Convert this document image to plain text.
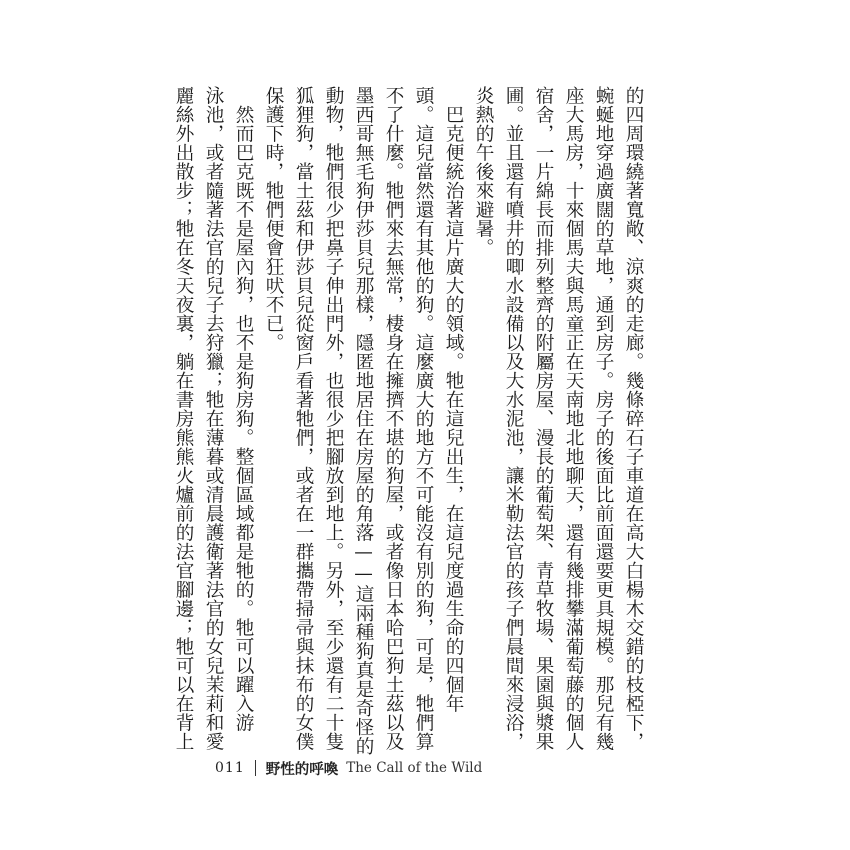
的四周環繞著寬敞、涼爽的走廊。幾條碎石子車道在高大白楊木交錯的枝椏下，
蜿蜒地穿過廣闊的草地，通到房子。房子的後面比前面還要更具規模。那兒有幾
座大馬房，十來個馬夫與馬童正在天南地北地聊天，還有幾排攀滿葡萄藤的個人
宿舍，一片綿長而排列整齊的附屬房屋、漫長的葡萄架、青草牧場、果園與漿果
圃。並且還有噴井的唧水設備以及大水泥池，讓米勒法官的孩子們晨間來浸浴，
炎熱的午後來避暑。
　巴克便統治著這片廣大的領域。牠在這兒出生，在這兒度過生命的四個年
頭。這兒當然還有其他的狗。這麼廣大的地方不可能沒有別的狗，可是，牠們算
不了什麼。牠們來去無常，棲身在擁擠不堪的狗屋，或者像日本哈巴狗土茲以及
墨西哥無毛狗伊莎貝兒那樣，隱匿地居住在房屋的角落——這兩種狗真是奇怪的
動物，牠們很少把鼻子伸出門外，也很少把腳放到地上。另外，至少還有二十隻
狐狸狗，當土茲和伊莎貝兒從窗戶看著牠們，或者在一群攜帶掃帚與抹布的女僕
保護下時，牠們便會狂吠不已。
　然而巴克既不是屋內狗，也不是狗房狗。整個區域都是牠的。牠可以躍入游
泳池，或者隨著法官的兒子去狩獵；牠在薄暮或清晨護衛著法官的女兒茉莉和愛
麗絲外出散步；牠在冬天夜裏，躺在書房熊熊火爐前的法官腳邊；牠可以在背上
011 野性的呼喚 The Call of the Wild
